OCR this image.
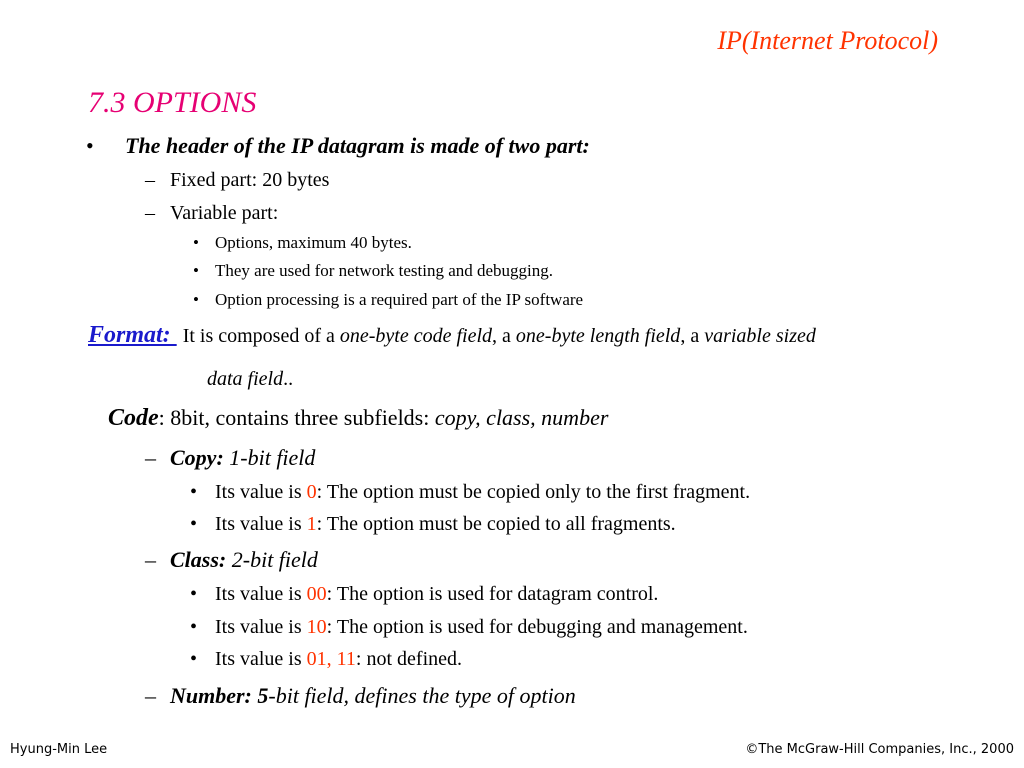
IP(Internet Protocol)
7.3 OPTIONS
• The header of the IP datagram is made of two part:
– Fixed part: 20 bytes
– Variable part:
• Options, maximum 40 bytes.
• They are used for network testing and debugging.
• Option processing is a required part of the IP software
Format: It is composed of a one-byte code field, a one-byte length field, a variable sized
data field..
Code: 8bit, contains three subfields: copy, class, number
– Copy: 1-bit field
• Its value is 0: The option must be copied only to the first fragment.
• Its value is 1: The option must be copied to all fragments.
– Class: 2-bit field
• Its value is 00: The option is used for datagram control.
• Its value is 10: The option is used for debugging and management.
• Its value is 01, 11: not defined.
– Number: 5-bit field, defines the type of option
Hyung-Min Lee	©The McGraw-Hill Companies, Inc., 2000
